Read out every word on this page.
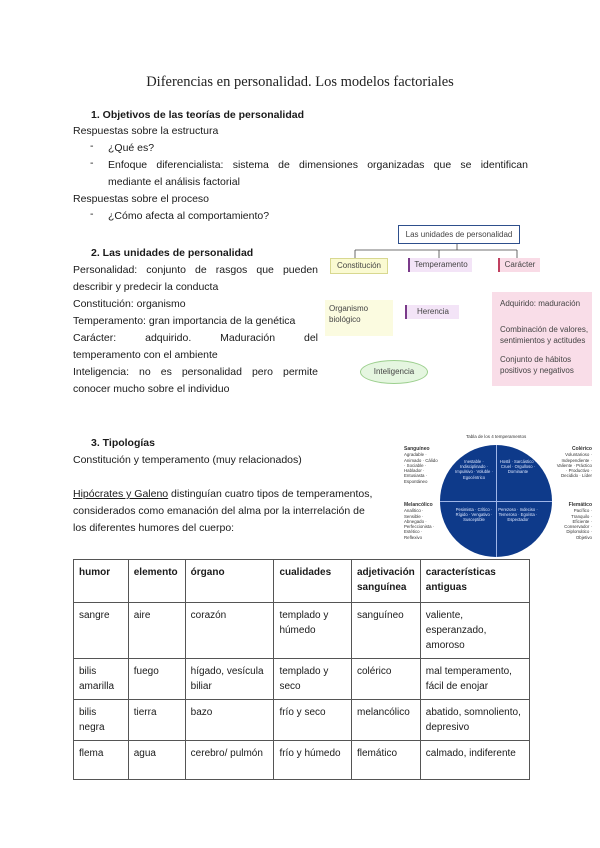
Diferencias en personalidad. Los modelos factoriales
1. Objetivos de las teorías de personalidad
Respuestas sobre la estructura
- ¿Qué es?
- Enfoque diferencialista: sistema de dimensiones organizadas que se identifican
mediante el análisis factorial
Respuestas sobre el proceso
- ¿Cómo afecta al comportamiento?
2. Las unidades de personalidad
Personalidad: conjunto de rasgos que pueden
describir y predecir la conducta
Constitución: organismo
Temperamento: gran importancia de la genética
Carácter:      adquirido.      Maduración      del
temperamento con el ambiente
Inteligencia: no es personalidad pero permite
conocer mucho sobre el individuo
Las unidades de personalidad
Constitución	Temperamento	Carácter
Organismo biológico
Herencia
Adquirido: maduración
Combinación de valores, sentimientos y actitudes
Conjunto de hábitos positivos y negativos
Inteligencia
3. Tipologías
Constitución y temperamento (muy relacionados)
Hipócrates y Galeno distinguían cuatro tipos de temperamentos,
considerados como emanación del alma por la interrelación de
los diferentes humores del cuerpo:
Tabla de los 4 temperamentos
Inestable · Indisciplinado · Impulsivo · Voluble · Egocéntrico
Hostil · Sarcástico · Cruel · Orgulloso · Dominante
Pesimista · Crítico · Rígido · Vengativo · Susceptible
Perezoso · Indeciso · Temeroso · Egoísta · Espectador
Sanguíneo
Agradable · Animado · Cálido · Sociable · Hablador · Entusiasta · Espontáneo
Colérico
Voluntarioso · Independiente · Valiente · Práctico · Productivo · Decidido · Líder
Melancólico
Analítico · Sensible · Abnegado · Perfeccionista · Estético · Reflexivo
Flemático
Pacífico · Tranquilo · Eficiente · Conservador · Diplomático · Objetivo
humor	elemento	órgano	cualidades	adjetivación sanguínea	características antiguas
sangre	aire	corazón	templado y húmedo	sanguíneo	valiente, esperanzado, amoroso
bilis amarilla	fuego	hígado, vesícula biliar	templado y seco	colérico	mal temperamento, fácil de enojar
bilis negra	tierra	bazo	frío y seco	melancólico	abatido, somnoliento, depresivo
flema	agua	cerebro/ pulmón	frío y húmedo	flemático	calmado, indiferente
